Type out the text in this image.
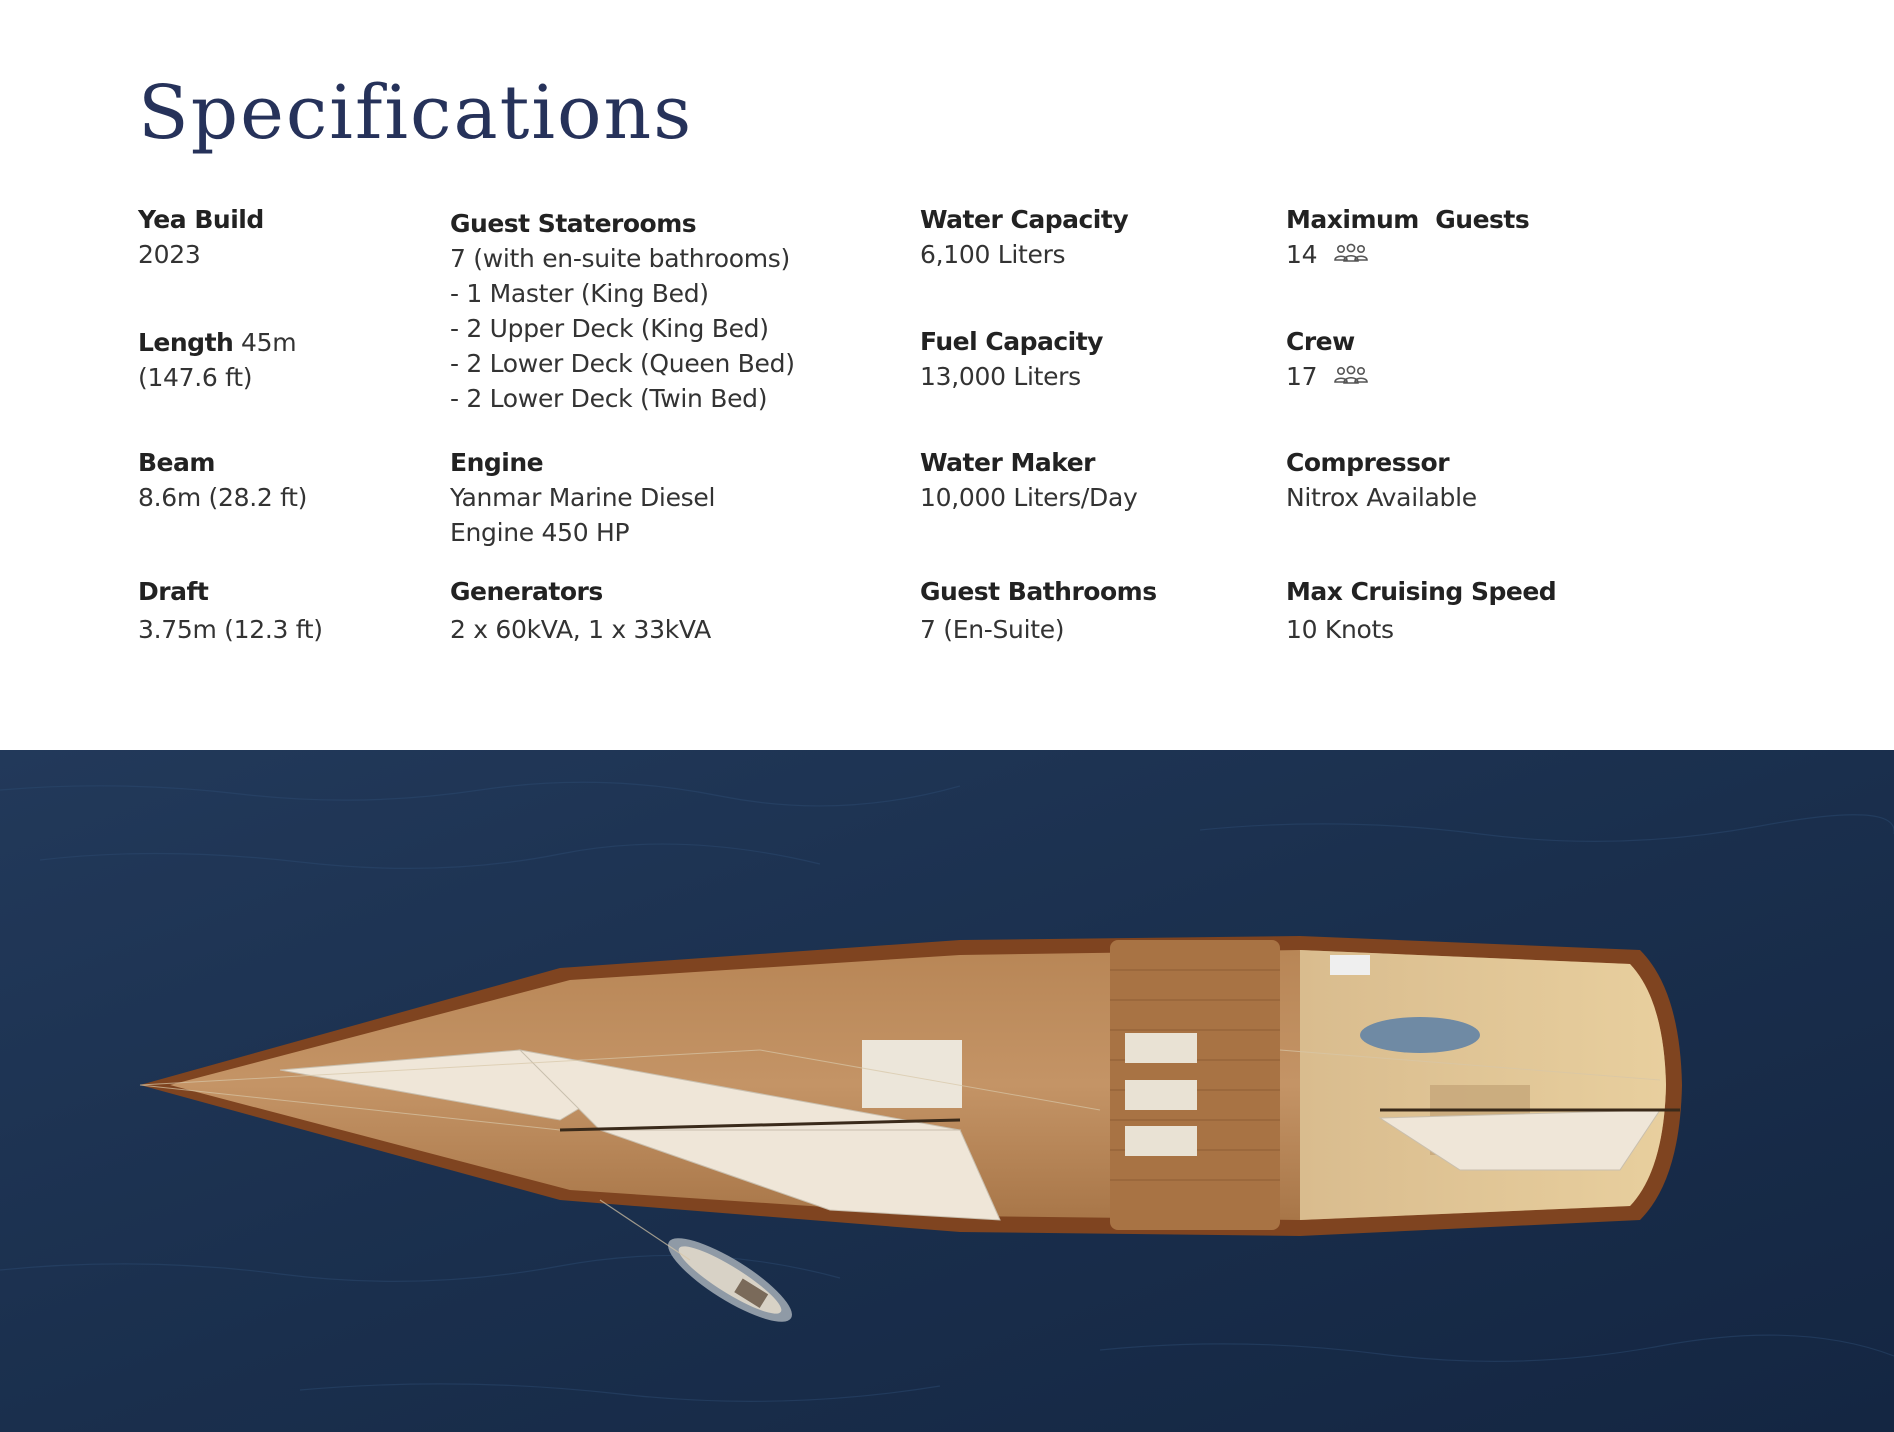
Specifications
Yea Build
2023
Length 45m
(147.6 ft)
Beam
8.6m (28.2 ft)
Draft
3.75m (12.3 ft)
Guest Staterooms
7 (with en-suite bathrooms)
- 1 Master (King Bed)
- 2 Upper Deck (King Bed)
- 2 Lower Deck (Queen Bed)
- 2 Lower Deck (Twin Bed)
Engine
Yanmar Marine Diesel
Engine 450 HP
Generators
2 x 60kVA, 1 x 33kVA
Water Capacity
6,100 Liters
Fuel Capacity
13,000 Liters
Water Maker
10,000 Liters/Day
Guest Bathrooms
7 (En-Suite)
Maximum  Guests
14
Crew
17
Compressor
Nitrox Available
Max Cruising Speed
10 Knots
